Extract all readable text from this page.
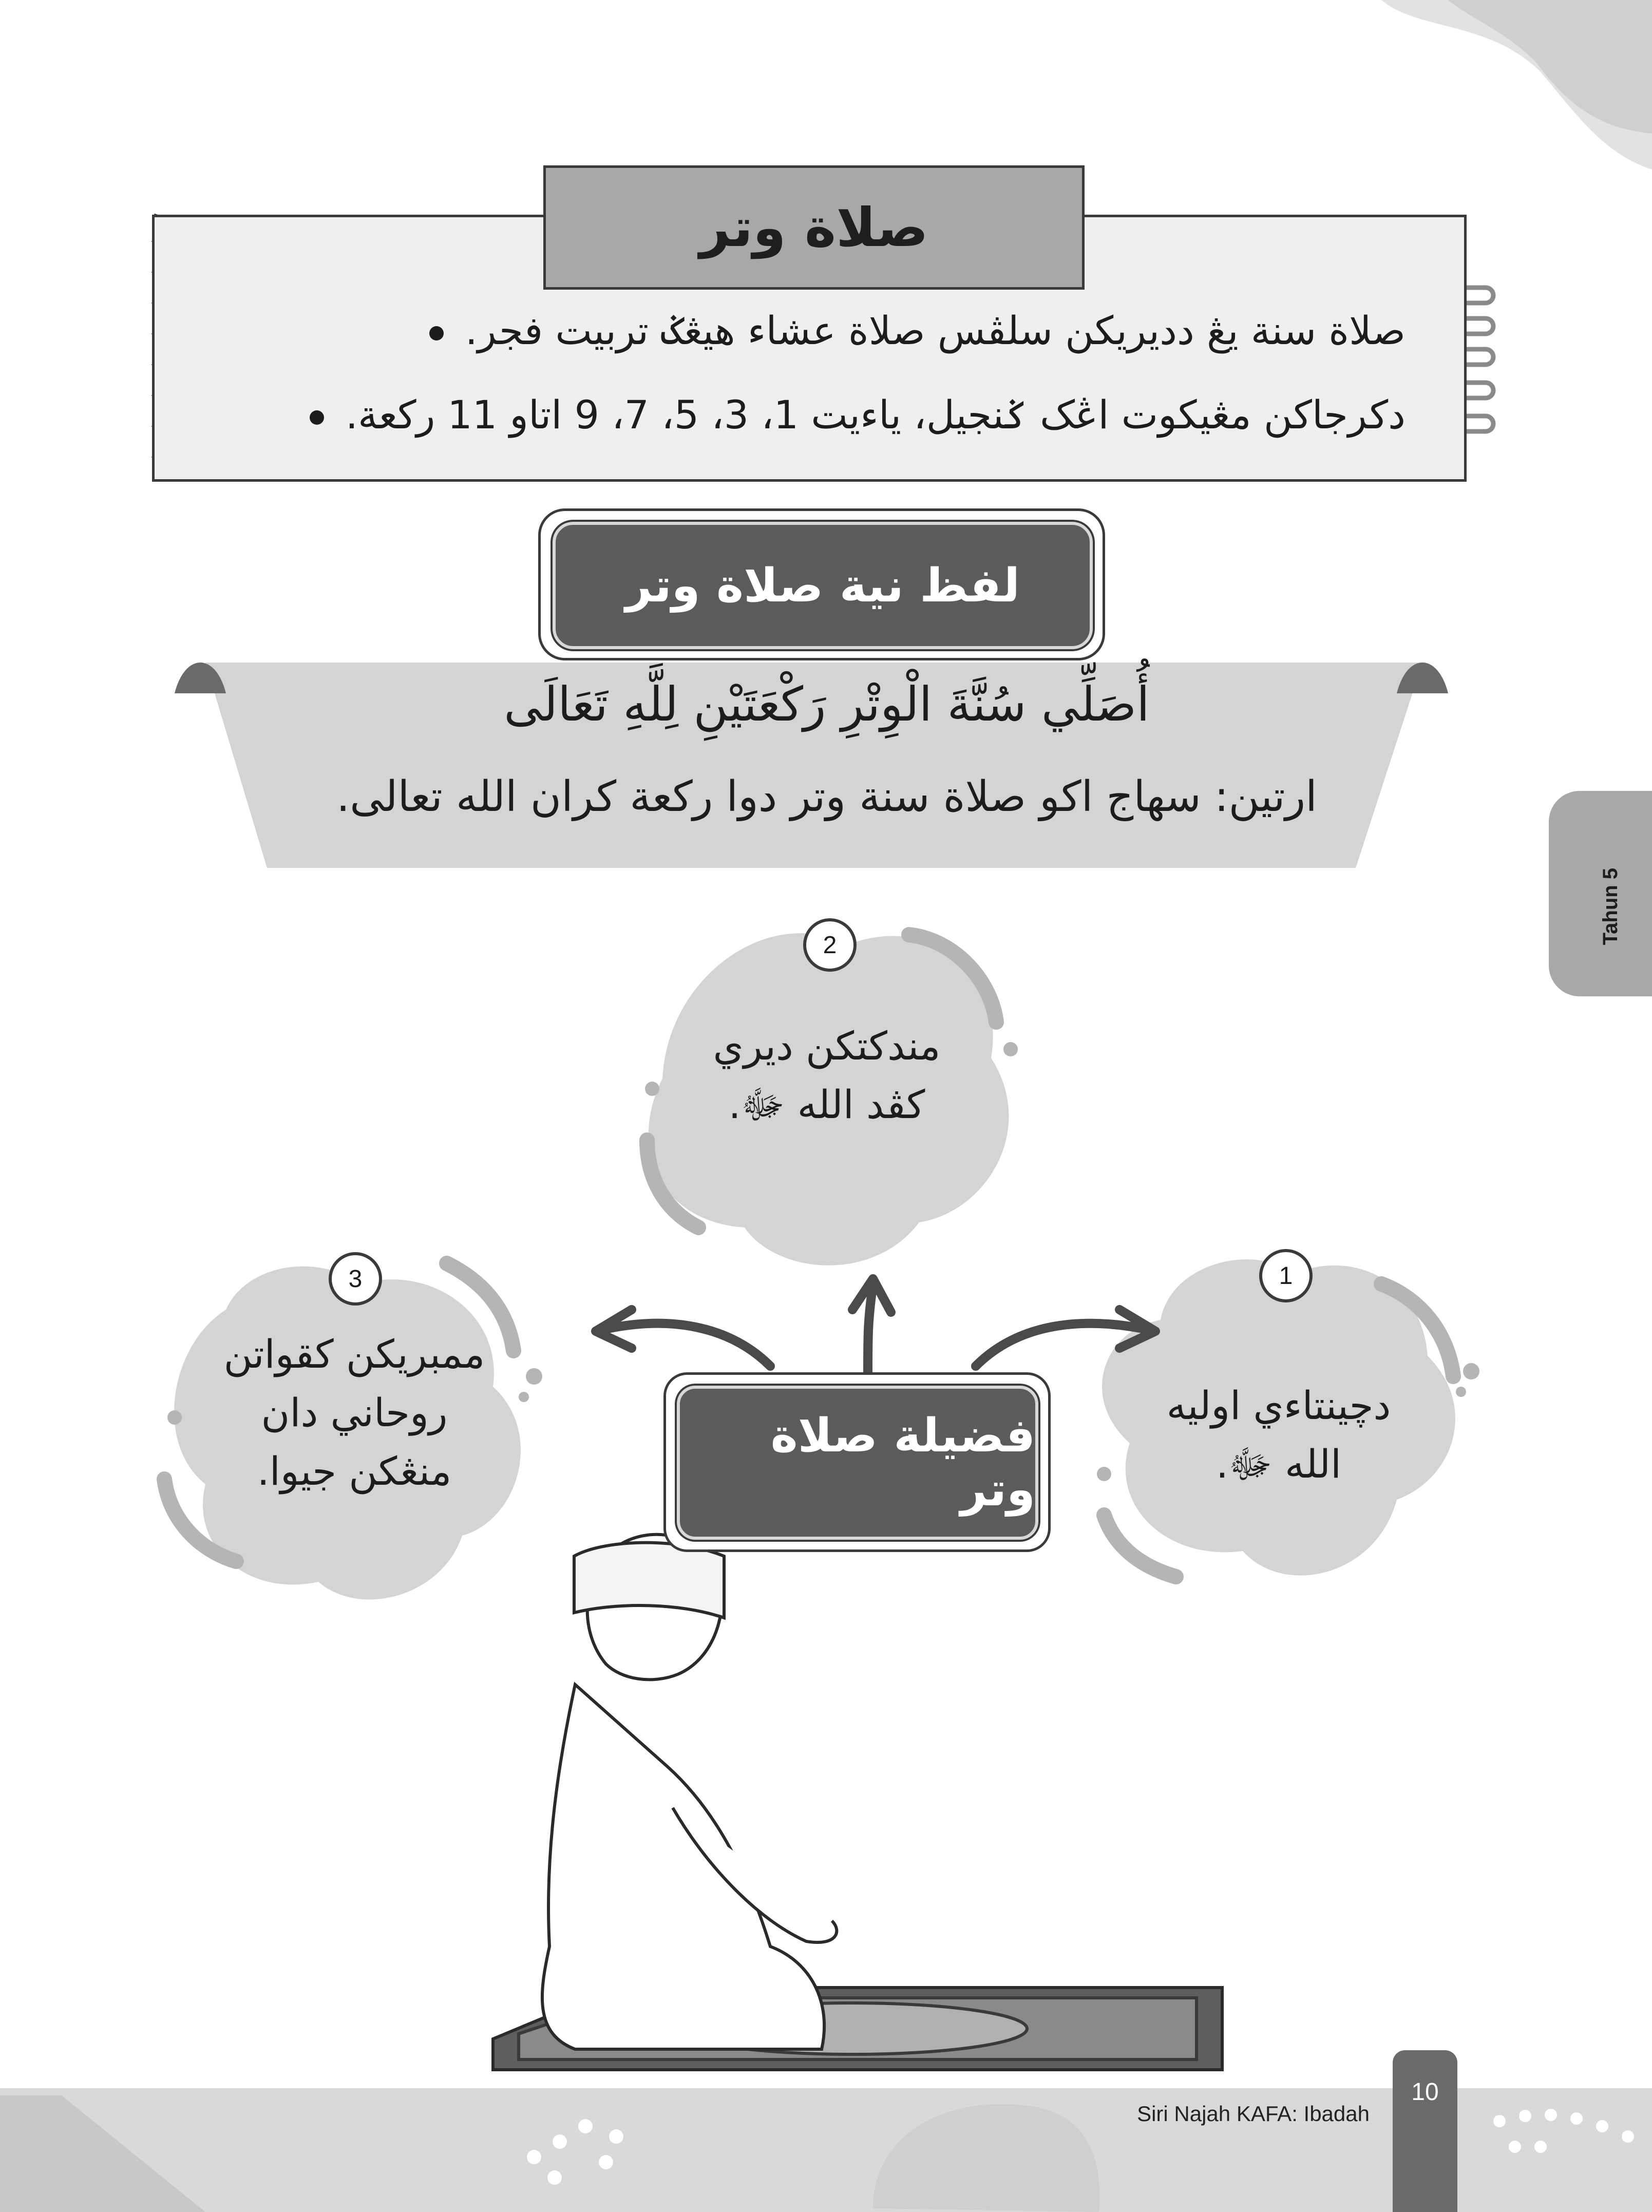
صلاة وتر
صلاة سنة يڠ دديريكن سلڤس صلاة عشاء هيڠݢ تربيت فجر.
دكرجاكن مڠيكوت اڠک ݢنجيل، ياءيت 1، 3، 5، 7، 9 اتاو 11 ركعة.
لفظ نية صلاة وتر
أُصَلِّي سُنَّةَ الْوِتْرِ رَكْعَتَيْنِ لِلَّهِ تَعَالَى
ارتين: سهاج اكو صلاة سنة وتر دوا ركعة كران الله تعالى.
2
مندكتكن ديري كڤد الله ﷻ.
1
دچينتاءي اوليه الله ﷻ.
3
ممبريكن كقواتن روحاني دان منڠكن جيوا.
فضيلة صلاة وتر
Tahun 5
Siri Najah KAFA: Ibadah
10
